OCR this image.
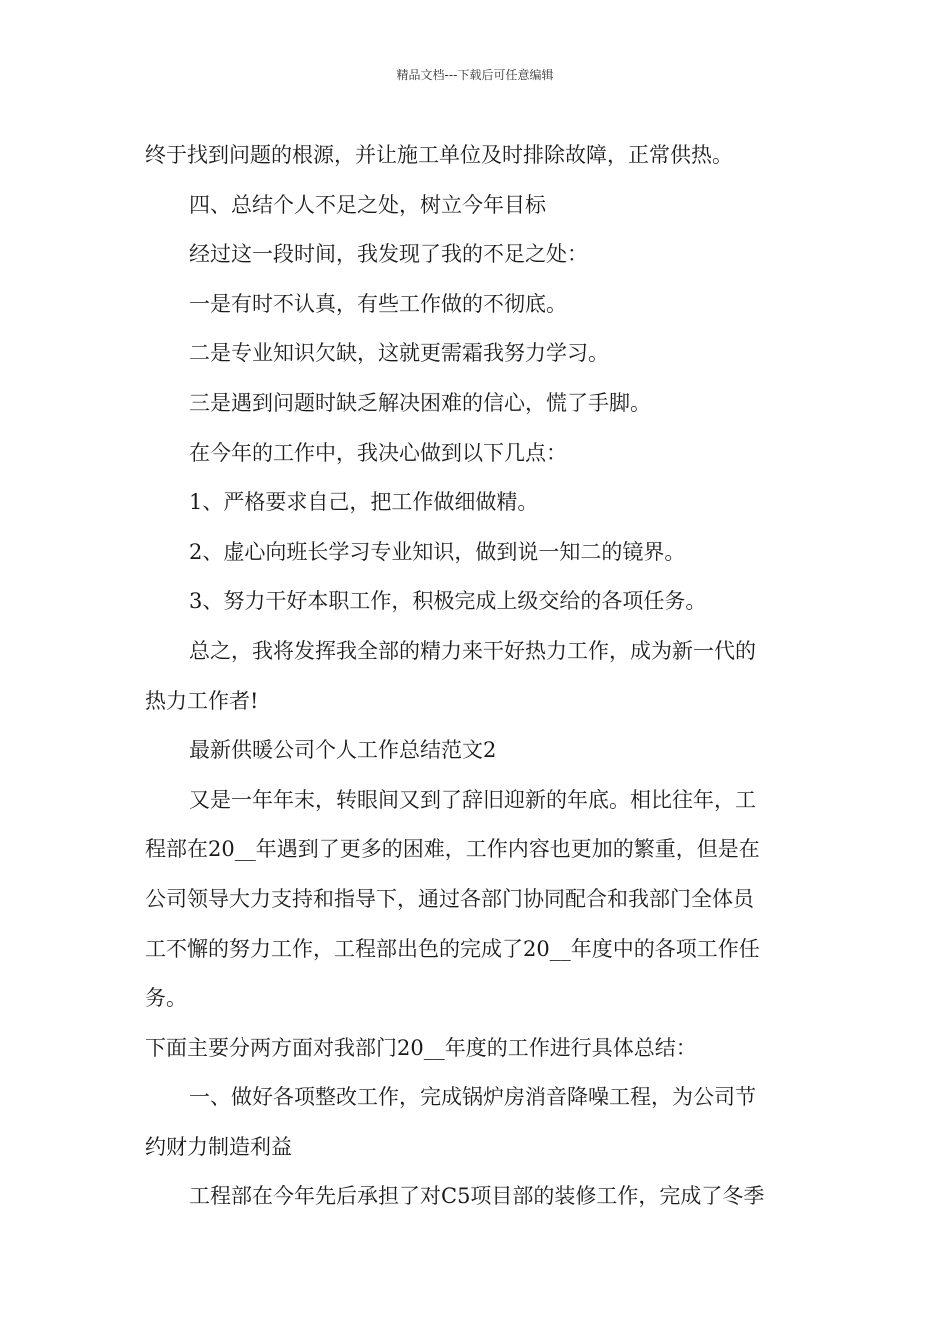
精品文档---下载后可任意编辑
终于找到问题的根源，并让施工单位及时排除故障，正常供热。
四、总结个人不足之处，树立今年目标
经过这一段时间，我发现了我的不足之处：
一是有时不认真，有些工作做的不彻底。
二是专业知识欠缺，这就更需霜我努力学习。
三是遇到问题时缺乏解决困难的信心，慌了手脚。
在今年的工作中，我决心做到以下几点：
1、严格要求自己，把工作做细做精。
2、虚心向班长学习专业知识，做到说一知二的镜界。
3、努力干好本职工作，积极完成上级交给的各项任务。
总之，我将发挥我全部的精力来干好热力工作，成为新一代的
热力工作者!
最新供暖公司个人工作总结范文2
又是一年年末，转眼间又到了辞旧迎新的年底。相比往年，工
程部在20__年遇到了更多的困难，工作内容也更加的繁重，但是在
公司领导大力支持和指导下，通过各部门协同配合和我部门全体员
工不懈的努力工作，工程部出色的完成了20__年度中的各项工作任
务。
下面主要分两方面对我部门20__年度的工作进行具体总结：
一、做好各项整改工作，完成锅炉房消音降噪工程，为公司节
约财力制造利益
工程部在今年先后承担了对C5项目部的装修工作，完成了冬季
